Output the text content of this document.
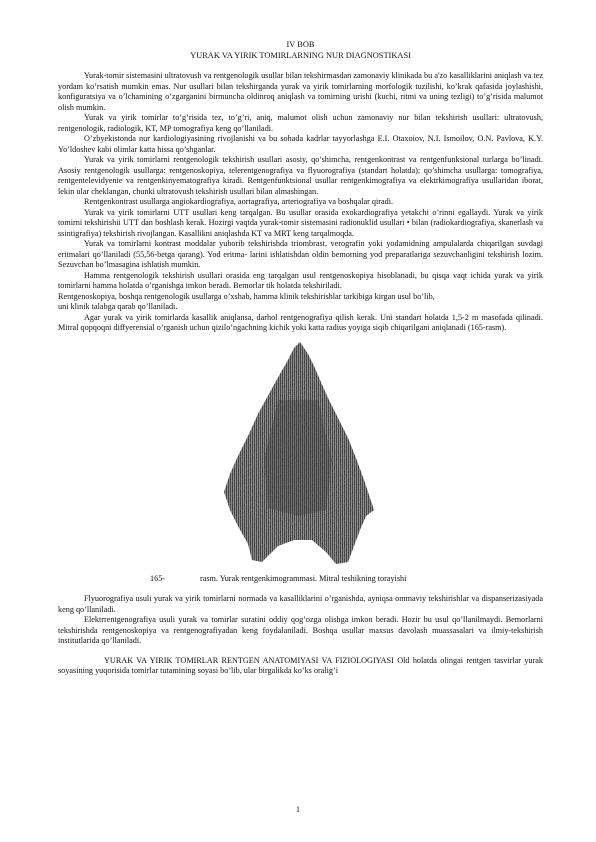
IV BOB

YURAK VA YIRIK TOMIRLARNING NUR DIAGNOSTIKASI

Yurak-tomir sistemasini ultratovush va rentgenologik usullar bilan tekshirmasdan zamonaviy klinikada bu a'zo kasalliklarini aniqlash va tez yordam ko’rsatish mumkin emas. Nur usullari bilan tekshirganda yurak va yirik tomirlarning morfologik tuzilishi, ko’krak qafasida joylashishi, konfiguratsiya va o’lchamining o’zgarganini birmuncha oldinroq aniqlash va tomirning urishi (kuchi, ritmi va uning tezligi) to’g’risida malumot olish mumkin.

Yurak va yirik tomirlar to’g’risida tez, to’g’ri, aniq, malumot olish uchun zamonaviy nur bilan tekshirish usullari: ultratovush, rentgenologik, radiologik, KT, MP tomografiya keng qo’llaniladi.

O’zbyekistonda nur kardiologiyasining rivojlanishi va bu sohada kadrlar tayyorlashga E.I. Otaxoiov, N.I. Ismoilov, O.N. Pavlova, K.Y. Yo’ldoshev kabi olimlar katta hissa qo’shganlar.

Yurak va yirik tomirlarni rentgenologik tekshirish usullari asosiy, qo’shimcha, rentgenkontrast va rentgenfunksional turlarga bo’linadi. Asosiy rentgenologik usullarga: rentgenoskopiya, telerentgenografiya va flyuorografiya (standart holatda); qo’shimcha usullarga: tomografiya, rentgentelevidyenie va rentgenkinyematografiya kiradi. Rentgenfunktsional usullar rentgenkimografiya va elektrkimografiya usullaridan iborat, lekin ular cheklangan, chunki ultratovush tekshirish usullari bilan almashingan.

Rentgenkontrast usullarga angiokardiografiya, aortagrafiya, arteriografiya va boshqalar qiradi.

Yurak va yirik tomirlarni UTT usullari keng tarqalgan. Bu usullar orasida exokardiografiya yetakchi o’rinni egallaydi. Yurak va yirik tomirni tekshirishii UTT dan boshlash kerak. Hozirgi vaqtda yurak-tomir sistemasini radionuklid usullari • bilan (radiokardiografiya, skanerlash va ssintigrafiya) tekshirish rivojlangan. Kasallikni aniqlashda KT va MRT keng tarqalmoqda.

Yurak va tomirlarni kontrast moddalar yuborib tekshirishda triombrast, verografin yoki yodamidning ampulalarda chiqarilgan suvdagi eritmalari qo’llaniladi (55,56-betga qarang). Yod eritma- larini ishlatishdan oldin bemorning yod preparatlariga sezuvchanligini tekshirish lozim. Sezuvchan bo’lmasagina ishlatish mumkin.

Hamma rentgenologik tekshirish usullari orasida eng tarqalgan usul rentgenoskopiya hisoblanadi, bu qisqa vaqt ichida yurak va yirik tomirlarni hamma holatda o’rganishga imkon beradi. Bemorlar tik holatda tekshiriladi.

Rentgenoskopiya, boshqa rentgenologik usullarga o’xshab, hamma klinik tekshirishlar tarkibiga kirgan usul bo’lib,

uni klinik talabga qarab qo’llaniladi.

Agar yurak va yirik tomirlarda kasallik aniqlansa, darhol rentgenografiya qilish kerak. Uni standart holatda 1,5-2 m masofada qilinadi. Mitral qopqoqni diffyerensial o’rganish uchun qizilo’ngachning kichik yoki katta radius yoyiga siqib chiqarilgani aniqlanadi (165-rasm).

165-	rasm. Yurak rentgenkimogrammasi. Mitral teshikning torayishi

Flyuorografiya usuli yurak va yirik tomirlarni normada va kasalliklarini o’rganishda, ayniqsa ommaviy tekshirishlar va dispanserizasiyada keng qo’llaniladi.

Elektrrentgenografiya usuli yurak va tomirlar suratini oddiy qog’ozga olishga imkon beradi. Hozir bu usul qo’llanilmaydi. Bemorlarni tekshirishda rentgenoskopiya va rentgenografiyadan keng foydalaniladi. Boshqa usullar maxsus davolash muassasalari va ilmiy-tekshirish institutlarida qo’llaniladi.

YURAK VA YIRIK TOMIRLAR RENTGEN ANATOMIYASI VA FIZIOLOGIYASI Old holatda olingai rentgen tasvirlar yurak soyasining yuqorisida tomirlar tutamining soyasi bo’lib, ular birgalikda ko’ks oralig’i

1
